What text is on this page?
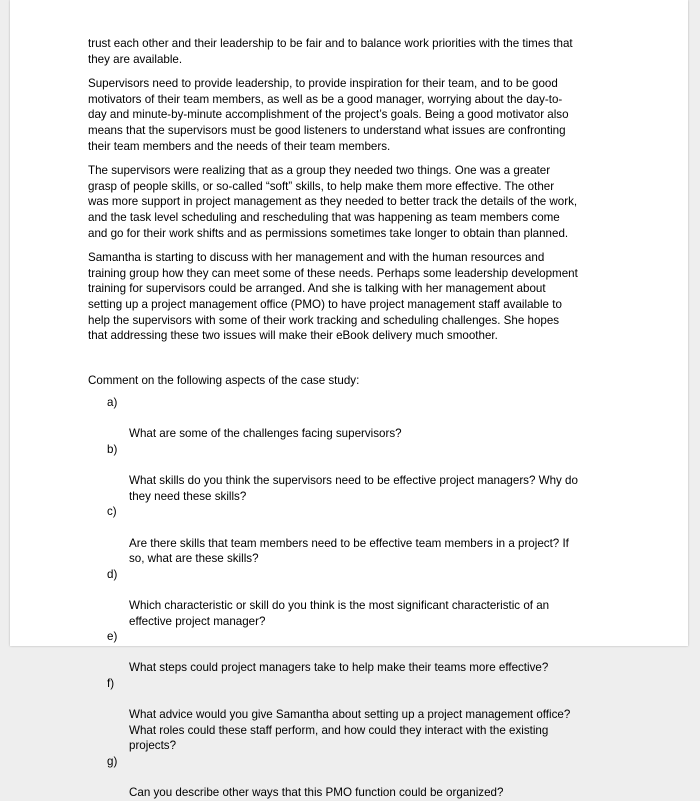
trust each other and their leadership to be fair and to balance work priorities with the times that
they are available.

Supervisors need to provide leadership, to provide inspiration for their team, and to be good
motivators of their team members, as well as be a good manager, worrying about the day-to-
day and minute-by-minute accomplishment of the project’s goals. Being a good motivator also
means that the supervisors must be good listeners to understand what issues are confronting
their team members and the needs of their team members.

The supervisors were realizing that as a group they needed two things. One was a greater
grasp of people skills, or so-called “soft” skills, to help make them more effective. The other
was more support in project management as they needed to better track the details of the work,
and the task level scheduling and rescheduling that was happening as team members come
and go for their work shifts and as permissions sometimes take longer to obtain than planned.

Samantha is starting to discuss with her management and with the human resources and
training group how they can meet some of these needs. Perhaps some leadership development
training for supervisors could be arranged. And she is talking with her management about
setting up a project management office (PMO) to have project management staff available to
help the supervisors with some of their work tracking and scheduling challenges. She hopes
that addressing these two issues will make their eBook delivery much smoother.

Comment on the following aspects of the case study:

a)

What are some of the challenges facing supervisors?

b)

What skills do you think the supervisors need to be effective project managers? Why do
they need these skills?

c)

Are there skills that team members need to be effective team members in a project? If
so, what are these skills?

d)

Which characteristic or skill do you think is the most significant characteristic of an
effective project manager?

e)

What steps could project managers take to help make their teams more effective?

f)

What advice would you give Samantha about setting up a project management office?
What roles could these staff perform, and how could they interact with the existing
projects?

g)

Can you describe other ways that this PMO function could be organized?
